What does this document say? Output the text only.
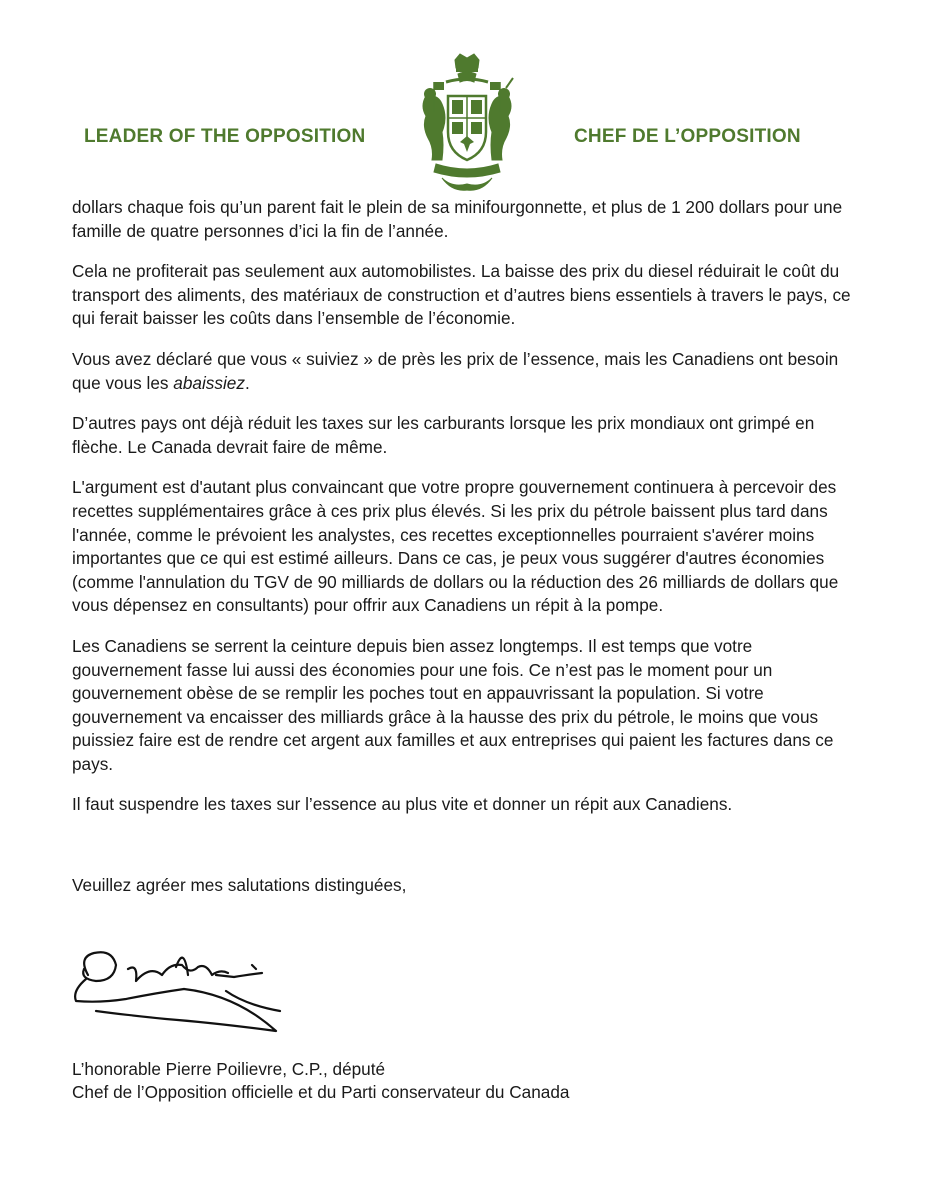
LEADER OF THE OPPOSITION	CHEF DE L’OPPOSITION

dollars chaque fois qu’un parent fait le plein de sa minifourgonnette, et plus de 1 200 dollars pour une famille de quatre personnes d’ici la fin de l’année.

Cela ne profiterait pas seulement aux automobilistes. La baisse des prix du diesel réduirait le coût du transport des aliments, des matériaux de construction et d’autres biens essentiels à travers le pays, ce qui ferait baisser les coûts dans l’ensemble de l’économie.

Vous avez déclaré que vous « suiviez » de près les prix de l’essence, mais les Canadiens ont besoin que vous les abaissiez.

D’autres pays ont déjà réduit les taxes sur les carburants lorsque les prix mondiaux ont grimpé en flèche. Le Canada devrait faire de même.

L'argument est d'autant plus convaincant que votre propre gouvernement continuera à percevoir des recettes supplémentaires grâce à ces prix plus élevés. Si les prix du pétrole baissent plus tard dans l'année, comme le prévoient les analystes, ces recettes exceptionnelles pourraient s'avérer moins importantes que ce qui est estimé ailleurs. Dans ce cas, je peux vous suggérer d'autres économies (comme l'annulation du TGV de 90 milliards de dollars ou la réduction des 26 milliards de dollars que vous dépensez en consultants) pour offrir aux Canadiens un répit à la pompe.

Les Canadiens se serrent la ceinture depuis bien assez longtemps. Il est temps que votre gouvernement fasse lui aussi des économies pour une fois. Ce n’est pas le moment pour un gouvernement obèse de se remplir les poches tout en appauvrissant la population. Si votre gouvernement va encaisser des milliards grâce à la hausse des prix du pétrole, le moins que vous puissiez faire est de rendre cet argent aux familles et aux entreprises qui paient les factures dans ce pays.

Il faut suspendre les taxes sur l’essence au plus vite et donner un répit aux Canadiens.

Veuillez agréer mes salutations distinguées,
L’honorable Pierre Poilievre, C.P., député
Chef de l’Opposition officielle et du Parti conservateur du Canada
